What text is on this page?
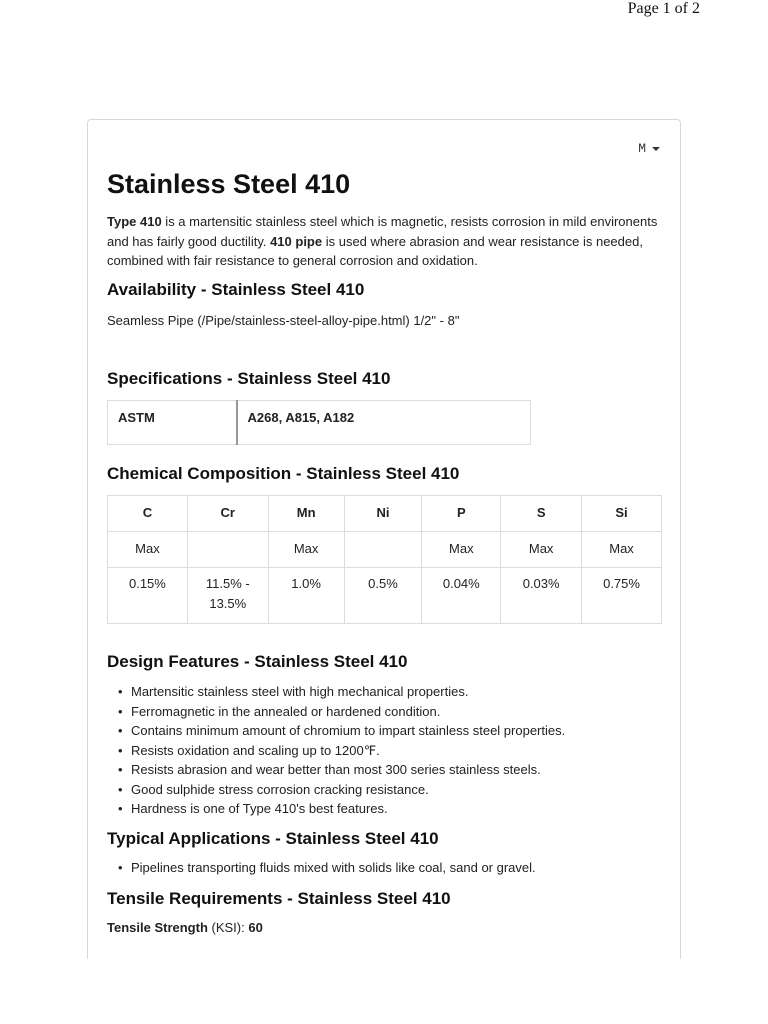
Page 1 of 2
M
Stainless Steel 410

Type 410 is a martensitic stainless steel which is magnetic, resists corrosion in mild environents and has fairly good ductility. 410 pipe is used where abrasion and wear resistance is needed, combined with fair resistance to general corrosion and oxidation.

Availability - Stainless Steel 410

Seamless Pipe (/Pipe/stainless-steel-alloy-pipe.html) 1/2" - 8"

Specifications - Stainless Steel 410
ASTM	A268, A815, A182
Chemical Composition - Stainless Steel 410
C	Cr	Mn	Ni	P	S	Si
Max		Max		Max	Max	Max
0.15%	11.5% - 13.5%	1.0%	0.5%	0.04%	0.03%	0.75%
Design Features - Stainless Steel 410
• Martensitic stainless steel with high mechanical properties.
• Ferromagnetic in the annealed or hardened condition.
• Contains minimum amount of chromium to impart stainless steel properties.
• Resists oxidation and scaling up to 1200℉.
• Resists abrasion and wear better than most 300 series stainless steels.
• Good sulphide stress corrosion cracking resistance.
• Hardness is one of Type 410's best features.
Typical Applications - Stainless Steel 410
• Pipelines transporting fluids mixed with solids like coal, sand or gravel.
Tensile Requirements - Stainless Steel 410

Tensile Strength (KSI): 60
